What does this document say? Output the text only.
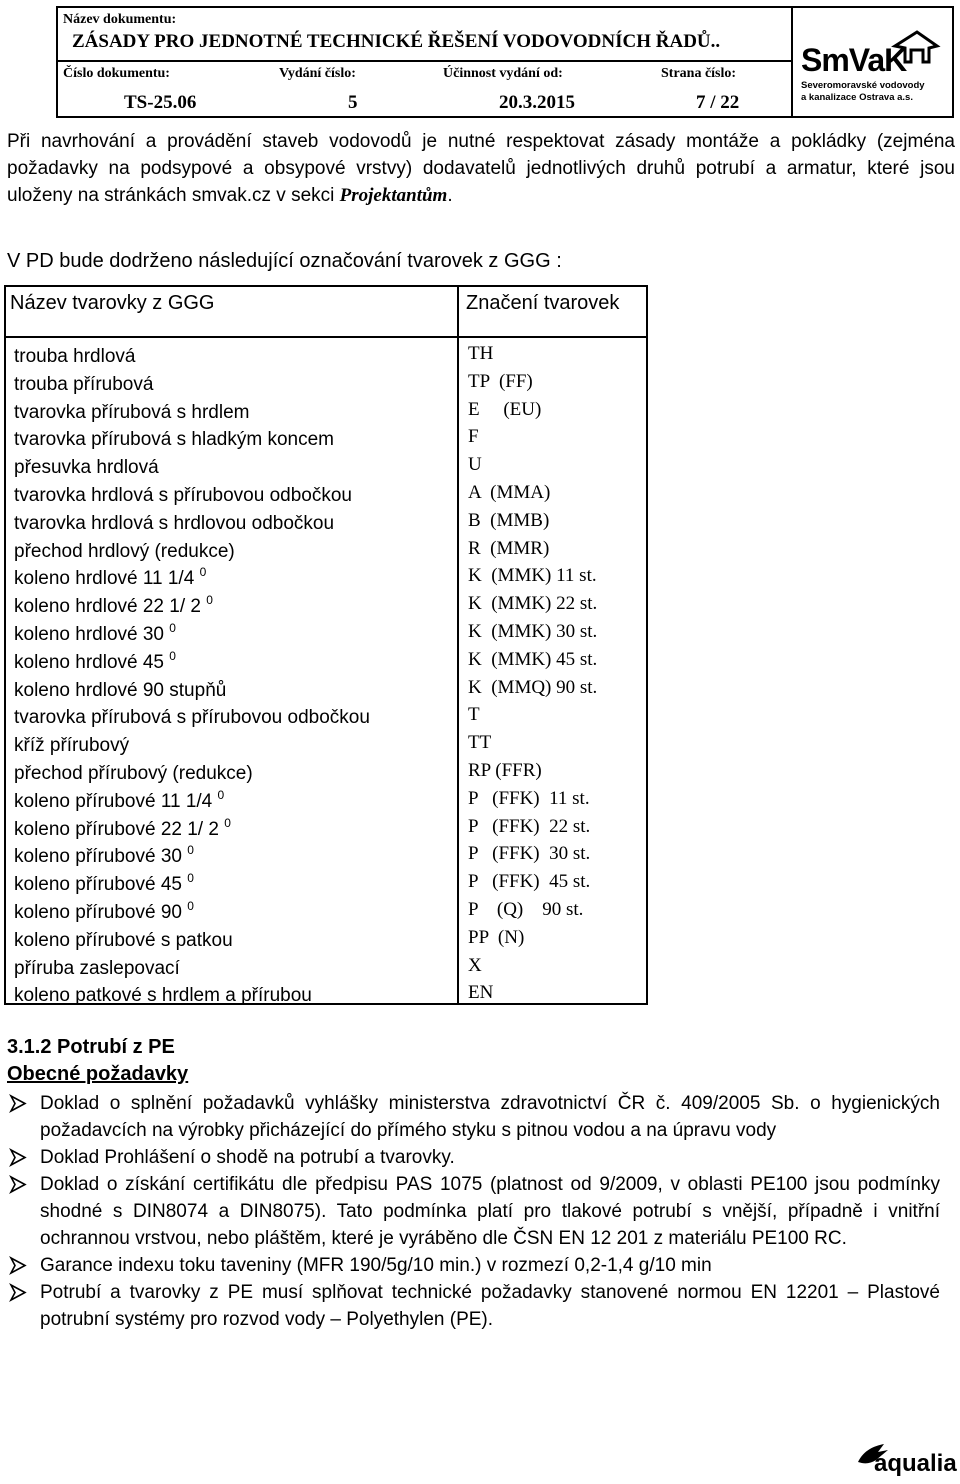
Název dokumentu:
ZÁSADY PRO JEDNOTNÉ TECHNICKÉ ŘEŠENÍ VODOVODNÍCH ŘADŮ..
Číslo dokumentu:	Vydání číslo:	Účinnost vydání od:	Strana číslo:
TS-25.06	5	20.3.2015	7 / 22
SmVaK
Severomoravské vodovody
a kanalizace Ostrava a.s.

Při navrhování a provádění staveb vodovodů je nutné respektovat zásady montáže a pokládky (zejména požadavky na podsypové a obsypové vrstvy) dodavatelů jednotlivých druhů potrubí a armatur, které jsou uloženy na stránkách smvak.cz v sekci Projektantům.

V PD bude dodrženo následující označování tvarovek z GGG :
Název tvarovky z GGG	Značení tvarovek
trouba hrdlová	TH
trouba přírubová	TP  (FF)
tvarovka přírubová s hrdlem	E     (EU)
tvarovka přírubová s hladkým koncem	F
přesuvka hrdlová	U
tvarovka hrdlová s přírubovou odbočkou	A  (MMA)
tvarovka hrdlová s hrdlovou odbočkou	B  (MMB)
přechod hrdlový (redukce)	R  (MMR)
koleno hrdlové 11 1/4 $^0$	K  (MMK) 11 st.
koleno hrdlové 22 1/ 2 $^0$	K  (MMK) 22 st.
koleno hrdlové 30 $^0$	K  (MMK) 30 st.
koleno hrdlové 45 $^0$	K  (MMK) 45 st.
koleno hrdlové 90 stupňů	K  (MMQ) 90 st.
tvarovka přírubová s přírubovou odbočkou	T
kříž přírubový	TT
přechod přírubový (redukce)	RP (FFR)
koleno přírubové 11 1/4 $^0$	P   (FFK)  11 st.
koleno přírubové 22 1/ 2 $^0$	P   (FFK)  22 st.
koleno přírubové 30 $^0$	P   (FFK)  30 st.
koleno přírubové 45 $^0$	P   (FFK)  45 st.
koleno přírubové 90 $^0$	P    (Q)    90 st.
koleno přírubové s patkou	PP  (N)
příruba zaslepovací	X
koleno patkové s hrdlem a přírubou	EN
3.1.2 Potrubí z PE
Obecné požadavky
Doklad o splnění požadavků vyhlášky ministerstva zdravotnictví ČR č. 409/2005 Sb. o hygienických požadavcích na výrobky přicházející do přímého styku s pitnou vodou a na úpravu vody
Doklad Prohlášení o shodě na potrubí a tvarovky.
Doklad o získání certifikátu dle předpisu PAS 1075 (platnost od 9/2009, v oblasti PE100 jsou podmínky shodné s DIN8074 a DIN8075). Tato podmínka platí pro tlakové potrubí s vnější, případně i vnitřní ochrannou vrstvou, nebo pláštěm, které je vyráběno dle ČSN EN 12 201 z materiálu PE100 RC.
Garance indexu toku taveniny (MFR 190/5g/10 min.) v rozmezí 0,2-1,4 g/10 min
Potrubí a tvarovky z PE musí splňovat technické požadavky stanovené normou EN 12201 – Plastové potrubní systémy pro rozvod vody – Polyethylen (PE).
aqualia
